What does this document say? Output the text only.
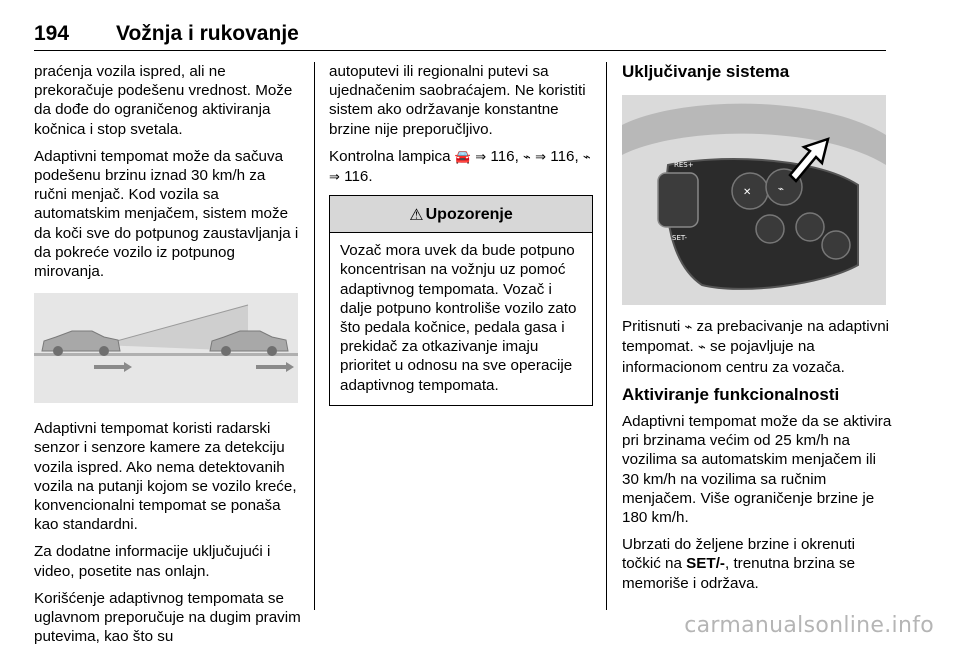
194 Vožnja i rukovanje

praćenja vozila ispred, ali ne prekoračuje podešenu vrednost. Može da dođe do ograničenog aktiviranja kočnica i stop svetala.

Adaptivni tempomat može da sačuva podešenu brzinu iznad 30 km/h za ručni menjač. Kod vozila sa automatskim menjačem, sistem može da koči sve do potpunog zaustavljanja i da pokreće vozilo iz potpunog mirovanja.

Adaptivni tempomat koristi radarski senzor i senzore kamere za detekciju vozila ispred. Ako nema detektovanih vozila na putanji kojom se vozilo kreće, konvencionalni tempomat se ponaša kao standardni.

Za dodatne informacije uključujući i video, posetite nas onlajn.

Korišćenje adaptivnog tempomata se uglavnom preporučuje na dugim pravim putevima, kao što su

autoputevi ili regionalni putevi sa ujednačenim saobraćajem. Ne koristiti sistem ako održavanje konstantne brzine nije preporučljivo.

Kontrolna lampica 🚘 ⇒ 116, ⌁ ⇒ 116, ⌁ ⇒ 116.

⚠ Upozorenje
Vozač mora uvek da bude potpuno koncentrisan na vožnju uz pomoć adaptivnog tempomata. Vozač i dalje potpuno kontroliše vozilo zato što pedala kočnice, pedala gasa i prekidač za otkazivanje imaju prioritet u odnosu na sve operacije adaptivnog tempomata.
Uključivanje sistema
RES+
SET-
✕	⌁

Pritisnuti ⌁ za prebacivanje na adaptivni tempomat. ⌁ se pojavljuje na informacionom centru za vozača.

Aktiviranje funkcionalnosti

Adaptivni tempomat može da se aktivira pri brzinama većim od 25 km/h na vozilima sa automatskim menjačem ili 30 km/h na vozilima sa ručnim menjačem. Više ograničenje brzine je 180 km/h.

Ubrzati do željene brzine i okrenuti točkić na SET/-, trenutna brzina se memoriše i održava.

carmanualsonline.info
